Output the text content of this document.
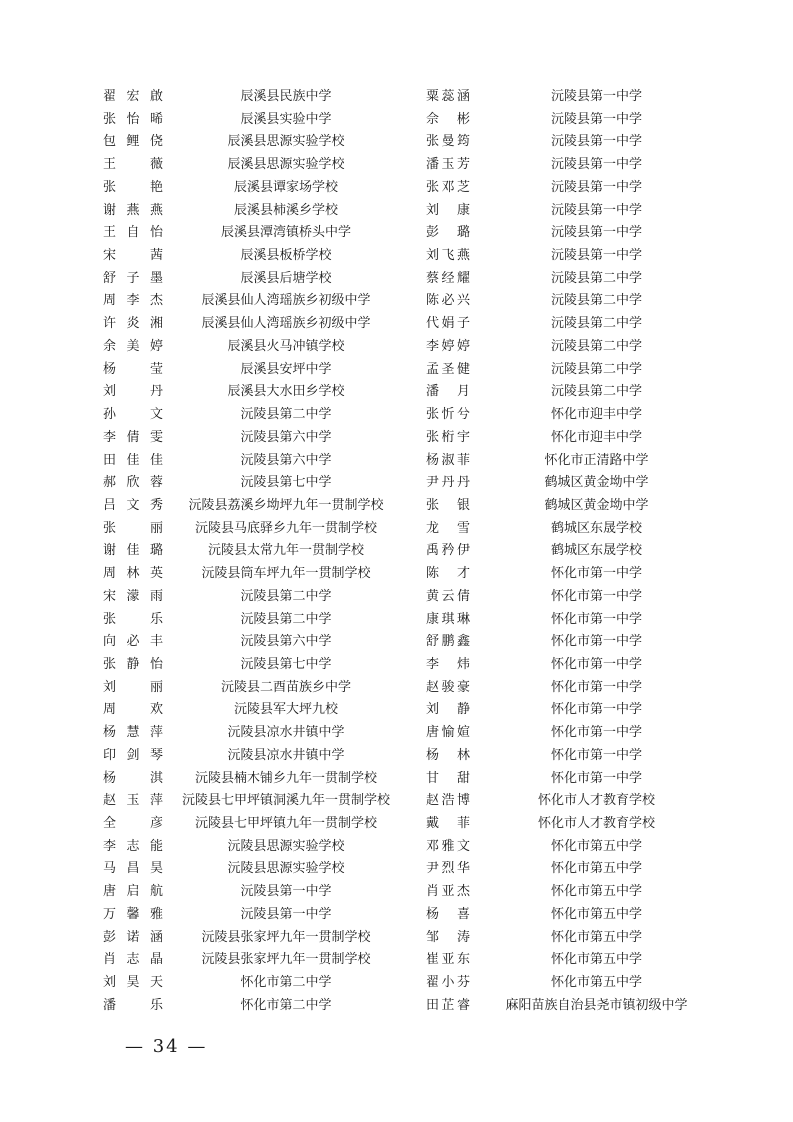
翟宏啟	辰溪县民族中学	粟蕊涵	沅陵县第一中学
张怡晞	辰溪县实验中学	佘　彬	沅陵县第一中学
包鲤侥	辰溪县思源实验学校	张曼筠	沅陵县第一中学
王　薇	辰溪县思源实验学校	潘玉芳	沅陵县第一中学
张　艳	辰溪县谭家场学校	张邓芝	沅陵县第一中学
谢燕燕	辰溪县柿溪乡学校	刘　康	沅陵县第一中学
王自怡	辰溪县潭湾镇桥头中学	彭　璐	沅陵县第一中学
宋　茜	辰溪县板桥学校	刘飞燕	沅陵县第一中学
舒子墨	辰溪县后塘学校	蔡经耀	沅陵县第二中学
周李杰	辰溪县仙人湾瑶族乡初级中学	陈必兴	沅陵县第二中学
许炎湘	辰溪县仙人湾瑶族乡初级中学	代娟子	沅陵县第二中学
余美婷	辰溪县火马冲镇学校	李婷婷	沅陵县第二中学
杨　莹	辰溪县安坪中学	孟圣健	沅陵县第二中学
刘　丹	辰溪县大水田乡学校	潘　月	沅陵县第二中学
孙　文	沅陵县第二中学	张忻兮	怀化市迎丰中学
李倩雯	沅陵县第六中学	张桁宇	怀化市迎丰中学
田佳佳	沅陵县第六中学	杨淑菲	怀化市正清路中学
郝欣蓉	沅陵县第七中学	尹丹丹	鹤城区黄金坳中学
吕文秀	沅陵县荔溪乡坳坪九年一贯制学校	张　银	鹤城区黄金坳中学
张　丽	沅陵县马底驿乡九年一贯制学校	龙　雪	鹤城区东晟学校
谢佳璐	沅陵县太常九年一贯制学校	禹矜伊	鹤城区东晟学校
周林英	沅陵县筒车坪九年一贯制学校	陈　才	怀化市第一中学
宋濛雨	沅陵县第二中学	黄云倩	怀化市第一中学
张　乐	沅陵县第二中学	康琪琳	怀化市第一中学
向必丰	沅陵县第六中学	舒鹏鑫	怀化市第一中学
张静怡	沅陵县第七中学	李　炜	怀化市第一中学
刘　丽	沅陵县二酉苗族乡中学	赵骏豪	怀化市第一中学
周　欢	沅陵县军大坪九校	刘　静	怀化市第一中学
杨慧萍	沅陵县凉水井镇中学	唐愉媗	怀化市第一中学
印剑琴	沅陵县凉水井镇中学	杨　林	怀化市第一中学
杨　淇	沅陵县楠木铺乡九年一贯制学校	甘　甜	怀化市第一中学
赵玉萍	沅陵县七甲坪镇洞溪九年一贯制学校	赵浩博	怀化市人才教育学校
全　彦	沅陵县七甲坪镇九年一贯制学校	戴　菲	怀化市人才教育学校
李志能	沅陵县思源实验学校	邓雅文	怀化市第五中学
马昌昊	沅陵县思源实验学校	尹烈华	怀化市第五中学
唐启航	沅陵县第一中学	肖亚杰	怀化市第五中学
万馨雅	沅陵县第一中学	杨　喜	怀化市第五中学
彭诺涵	沅陵县张家坪九年一贯制学校	邹　涛	怀化市第五中学
肖志晶	沅陵县张家坪九年一贯制学校	崔亚东	怀化市第五中学
刘昊天	怀化市第二中学	翟小芬	怀化市第五中学
潘　乐	怀化市第二中学	田芷睿	麻阳苗族自治县尧市镇初级中学
— 34 —
